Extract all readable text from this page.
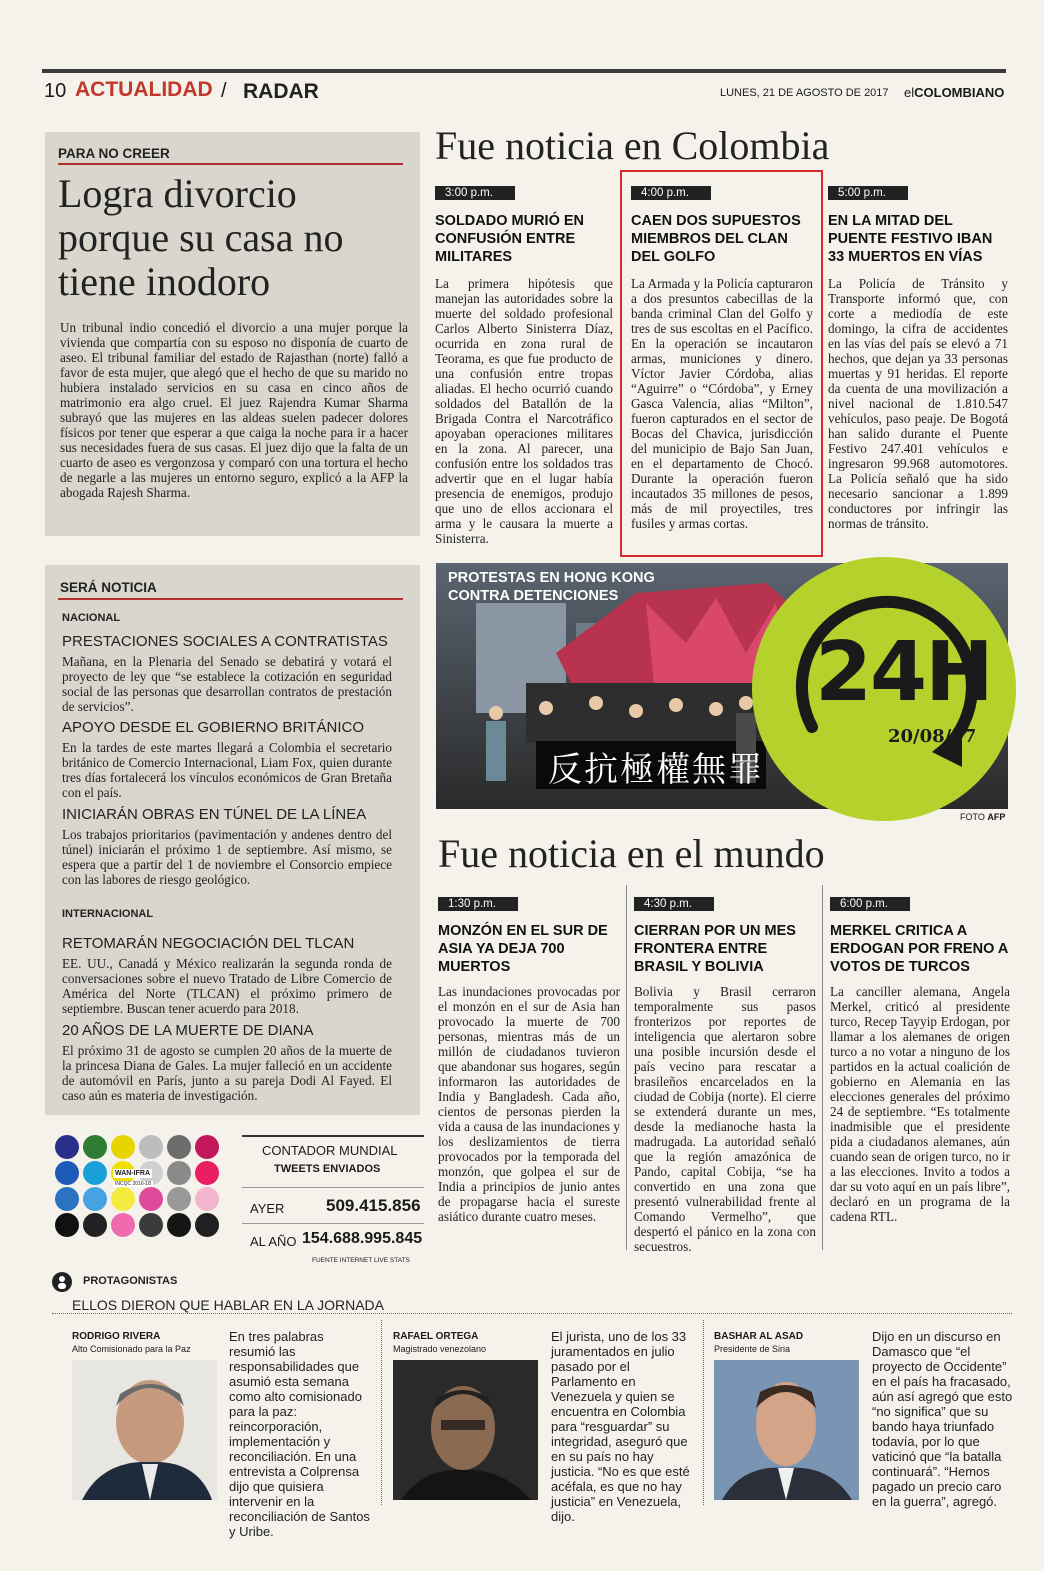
10 ACTUALIDAD / RADAR	LUNES, 21 DE AGOSTO DE 2017 elCOLOMBIANO
PARA NO CREER
Logra divorcio porque su casa no tiene inodoro

Un tribunal indio concedió el divorcio a una mujer porque la vivienda que compartía con su esposo no disponía de cuarto de aseo. El tribunal familiar del estado de Rajasthan (norte) falló a favor de esta mujer, que alegó que el hecho de que su marido no hubiera instalado servicios en su casa en cinco años de matrimonio era algo cruel. El juez Rajendra Kumar Sharma subrayó que las mujeres en las aldeas suelen padecer dolores físicos por tener que esperar a que caiga la noche para ir a hacer sus necesidades fuera de sus casas. El juez dijo que la falta de un cuarto de aseo es vergonzosa y comparó con una tortura el hecho de negarle a las mujeres un entorno seguro, explicó a la AFP la abogada Rajesh Sharma.

Fue noticia en Colombia
3:00 p.m.
SOLDADO MURIÓ EN CONFUSIÓN ENTRE MILITARES

La primera hipótesis que manejan las autoridades sobre la muerte del soldado profesional Carlos Alberto Sinisterra Díaz, ocurrida en zona rural de Teorama, es que fue producto de una confusión entre tropas aliadas. El hecho ocurrió cuando soldados del Batallón de la Brigada Contra el Narcotráfico apoyaban operaciones militares en la zona. Al parecer, una confusión entre los soldados tras advertir que en el lugar había presencia de enemigos, produjo que uno de ellos accionara el arma y le causara la muerte a Sinisterra.

4:00 p.m.
CAEN DOS SUPUESTOS MIEMBROS DEL CLAN DEL GOLFO

La Armada y la Policía capturaron a dos presuntos cabecillas de la banda criminal Clan del Golfo y tres de sus escoltas en el Pacífico. En la operación se incautaron armas, municiones y dinero. Víctor Javier Córdoba, alias “Aguirre” o “Córdoba”, y Erney Gasca Valencia, alias “Milton”, fueron capturados en el sector de Bocas del Chavica, jurisdicción del municipio de Bajo San Juan, en el departamento de Chocó. Durante la operación fueron incautados 35 millones de pesos, más de mil proyectiles, tres fusiles y armas cortas.

5:00 p.m.
EN LA MITAD DEL PUENTE FESTIVO IBAN 33 MUERTOS EN VÍAS

La Policía de Tránsito y Transporte informó que, con corte a mediodía de este domingo, la cifra de accidentes en las vías del país se elevó a 71 hechos, que dejan ya 33 personas muertas y 91 heridas. El reporte da cuenta de una movilización a nivel nacional de 1.810.547 vehículos, paso peaje. De Bogotá han salido durante el Puente Festivo 247.401 vehículos e ingresaron 99.968 automotores. La Policía señaló que ha sido necesario sancionar a 1.899 conductores por infringir las normas de tránsito.

SERÁ NOTICIA
NACIONAL
PRESTACIONES SOCIALES A CONTRATISTAS

Mañana, en la Plenaria del Senado se debatirá y votará el proyecto de ley que “se establece la cotización en seguridad social de las personas que desarrollan contratos de prestación de servicios”.

APOYO DESDE EL GOBIERNO BRITÁNICO

En la tardes de este martes llegará a Colombia el secretario británico de Comercio Internacional, Liam Fox, quien durante tres días fortalecerá los vínculos económicos de Gran Bretaña con el país.

INICIARÁN OBRAS EN TÚNEL DE LA LÍNEA

Los trabajos prioritarios (pavimentación y andenes dentro del túnel) iniciarán el próximo 1 de septiembre. Así mismo, se espera que a partir del 1 de noviembre el Consorcio empiece con las labores de riesgo geológico.

INTERNACIONAL
RETOMARÁN NEGOCIACIÓN DEL TLCAN

EE. UU., Canadá y México realizarán la segunda ronda de conversaciones sobre el nuevo Tratado de Libre Comercio de América del Norte (TLCAN) el próximo primero de septiembre. Buscan tener acuerdo para 2018.

20 AÑOS DE LA MUERTE DE DIANA

El próximo 31 de agosto se cumplen 20 años de la muerte de la princesa Diana de Gales. La mujer falleció en un accidente de automóvil en París, junto a su pareja Dodi Al Fayed. El caso aún es materia de investigación.

PROTESTAS EN HONG KONG CONTRA DETENCIONES
反抗極權無罪
24H
20/08/17
FOTO AFP
Fue noticia en el mundo
1:30 p.m.
MONZÓN EN EL SUR DE ASIA YA DEJA 700 MUERTOS

Las inundaciones provocadas por el monzón en el sur de Asia han provocado la muerte de 700 personas, mientras más de un millón de ciudadanos tuvieron que abandonar sus hogares, según informaron las autoridades de India y Bangladesh. Cada año, cientos de personas pierden la vida a causa de las inundaciones y los deslizamientos de tierra provocados por la temporada del monzón, que golpea el sur de India a principios de junio antes de propagarse hacia el sureste asiático durante cuatro meses.

4:30 p.m.
CIERRAN POR UN MES FRONTERA ENTRE BRASIL Y BOLIVIA

Bolivia y Brasil cerraron temporalmente sus pasos fronterizos por reportes de inteligencia que alertaron sobre una posible incursión desde el país vecino para rescatar a brasileños encarcelados en la ciudad de Cobija (norte). El cierre se extenderá durante un mes, desde la medianoche hasta la madrugada. La autoridad señaló que la región amazónica de Pando, capital Cobija, “se ha convertido en una zona que presentó vulnerabilidad frente al Comando Vermelho”, que despertó el pánico en la zona con secuestros.

6:00 p.m.
MERKEL CRITICA A ERDOGAN POR FRENO A VOTOS DE TURCOS

La canciller alemana, Angela Merkel, criticó al presidente turco, Recep Tayyip Erdogan, por llamar a los alemanes de origen turco a no votar a ninguno de los partidos en la actual coalición de gobierno en Alemania en las elecciones generales del próximo 24 de septiembre. “Es totalmente inadmisible que el presidente pida a ciudadanos alemanes, aún cuando sean de origen turco, no ir a las elecciones. Invito a todos a dar su voto aquí en un país libre”, declaró en un programa de la cadena RTL.

WAN-IFRA
INCQC 2016-18
CONTADOR MUNDIAL
TWEETS ENVIADOS
AYER 509.415.856
AL AÑO 154.688.995.845
FUENTE INTERNET LIVE STATS
PROTAGONISTAS
ELLOS DIERON QUE HABLAR EN LA JORNADA
RODRIGO RIVERA
Alto Comisionado para la Paz
En tres palabras resumió las responsabilidades que asumió esta semana como alto comisionado para la paz: reincorporación, implementación y reconciliación. En una entrevista a Colprensa dijo que quisiera intervenir en la reconciliación de Santos y Uribe.
RAFAEL ORTEGA
Magistrado venezolano
El jurista, uno de los 33 juramentados en julio pasado por el Parlamento en Venezuela y quien se encuentra en Colombia para “resguardar” su integridad, aseguró que en su país no hay justicia. “No es que esté acéfala, es que no hay justicia” en Venezuela, dijo.
BASHAR AL ASAD
Presidente de Siria
Dijo en un discurso en Damasco que “el proyecto de Occidente” en el país ha fracasado, aún así agregó que esto “no significa” que su bando haya triunfado todavía, por lo que vaticinó que “la batalla continuará”. “Hemos pagado un precio caro en la guerra”, agregó.
